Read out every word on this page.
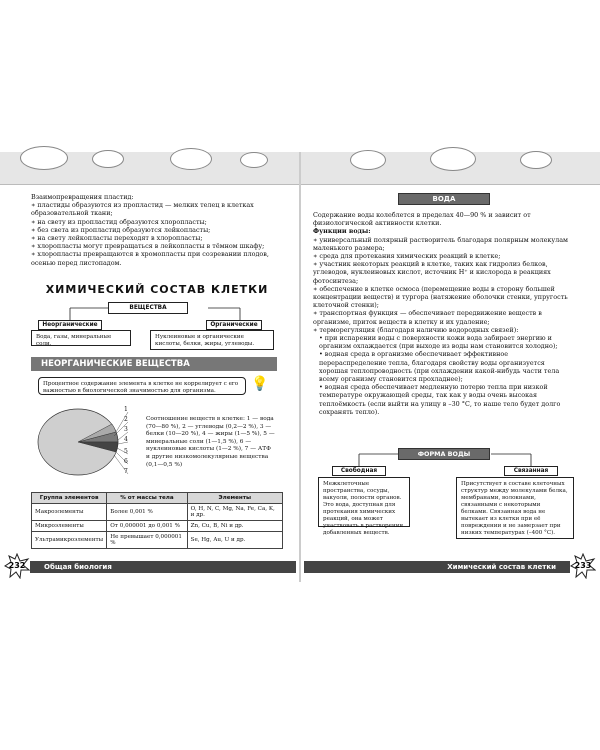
Взаимопревращения пластид:

∗ пластиды образуются из пропластид — мелких телец в клетках образовательной ткани;

∗ на свету из пропластид образуются хлоропласты;

∗ без света из пропластид образуются лейкопласты;

∗ на свету лейкопласты переходят в хлоропласты;

∗ хлоропласты могут превращаться в лейкопласты в тёмном шкафу;

∗ хлоропласты превращаются в хромопласты при созревании плодов, осенью перед листопадом.

ХИМИЧЕСКИЙ СОСТАВ КЛЕТКИ

ВЕЩЕСТВА
Неорганические
Вода, газы, минеральные соли.
Органические
Нуклеиновые и органические кислоты, белки, жиры, углеводы.
НЕОРГАНИЧЕСКИЕ ВЕЩЕСТВА
Процентное содержание элемента в клетке не коррелирует с его важностью в биологической значимостью для организма.	💡
1
2
3
4
5
6
7
Соотношение веществ в клетке: 1 — вода (70—80 %), 2 — углеводы (0,2—2 %), 3 — белки (10—20 %), 4 — жиры (1—5 %), 5 — минеральные соли (1—1,5 %), 6 — нуклеиновые кислоты (1—2 %), 7 — АТФ и другие низкомолекулярные вещества (0,1—0,5 %)
Группа элементов	% от массы тела	Элементы
Макроэлементы	Более 0,001 %	O, H, N, C, Mg, Na, Fe, Ca, K, и др.
Микроэлементы	От 0,000001 до 0,001 %	Zn, Cu, B, Ni и др.
Ультрамикроэлементы	Не превышает 0,000001 %	Se, Hg, Au, U и др.
232	Общая биология
ВОДА

Содержание воды колеблется в пределах 40—90 % и зависит от физиологической активности клетки.

Функции воды:

∗ универсальный полярный растворитель благодаря полярным молекулам маленького размера;

∗ среда для протекания химических реакций в клетке;

∗ участник некоторых реакций в клетке, таких как гидролиз белков, углеводов, нуклеиновых кислот, источник H⁺ и кислорода в реакциях фотосинтеза;

∗ обеспечение в клетке осмоса (перемещение воды в сторону большей концентрации веществ) и тургора (натяжение оболочки стенки, упругость клеточной стенки);

∗ транспортная функция — обеспечивает передвижение веществ в организме, приток веществ в клетку и их удаление;

∗ терморегуляция (благодаря наличию водородных связей):

• при испарении воды с поверхности кожи вода забирает энергию и организм охлаждается (при выходе из воды нам становится холодно);

• водная среда в организме обеспечивает эффективное перераспределение тепла, благодаря свойству воды организуется хорошая теплопроводность (при охлаждении какой-нибудь части тела всему организму становится прохладнее);

• водная среда обеспечивает медленную потерю тепла при низкой температуре окружающей среды, так как у воды очень высокая теплоёмкость (если выйти на улицу в –30 °С, то наше тело будет долго сохранять тепло).

ФОРМА ВОДЫ
Свободная
Межклеточные пространства, сосуды, вакуоли, полости органов. Это вода, доступная для протекания химических реакций, она может участвовать в растворении добавленных веществ.
Связанная
Присутствует в составе клеточных структур между молекулами белка, мембранами, волокнами, связанными с некоторыми белками. Связанная вода не вытекает из клетки при её повреждении и не замерзает при низких температурах (–400 °С).
Химический состав клетки	233
